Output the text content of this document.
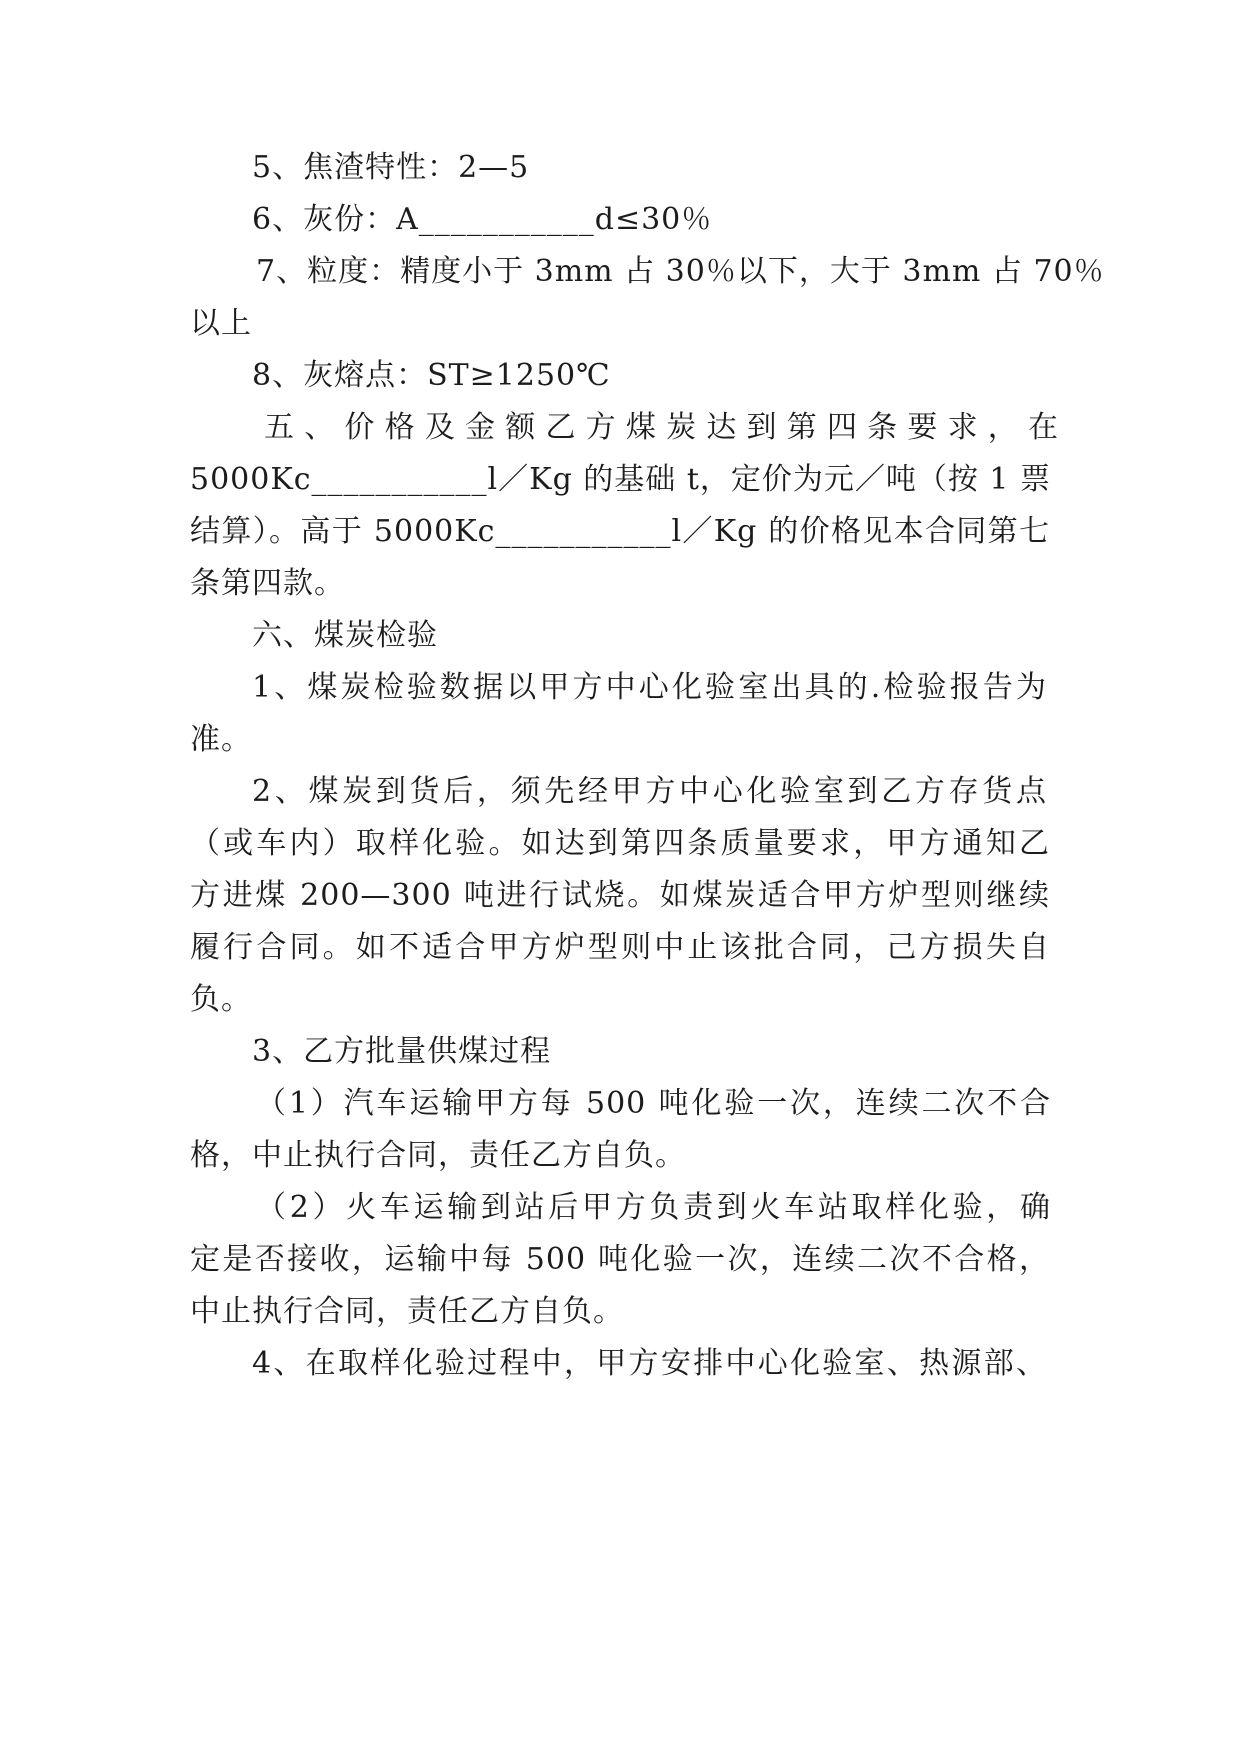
5、焦渣特性：2—5
6、灰份：A___________d≤30％
7、粒度：精度小于 3mm 占 30％以下，大于 3mm 占 70％
以上
8、灰熔点：ST≥1250℃
五、价格及金额乙方煤炭达到第四条要求，在
5000Kc___________l／Kg 的基础 t，定价为元／吨（按 1 票
结算）。高于 5000Kc___________l／Kg 的价格见本合同第七
条第四款。
六、煤炭检验
1、煤炭检验数据以甲方中心化验室出具的.检验报告为
准。
2、煤炭到货后，须先经甲方中心化验室到乙方存货点
（或车内）取样化验。如达到第四条质量要求，甲方通知乙
方进煤 200—300 吨进行试烧。如煤炭适合甲方炉型则继续
履行合同。如不适合甲方炉型则中止该批合同，己方损失自
负。
3、乙方批量供煤过程
（1）汽车运输甲方每 500 吨化验一次，连续二次不合
格，中止执行合同，责任乙方自负。
（2）火车运输到站后甲方负责到火车站取样化验，确
定是否接收，运输中每 500 吨化验一次，连续二次不合格，
中止执行合同，责任乙方自负。
4、在取样化验过程中，甲方安排中心化验室、热源部、
